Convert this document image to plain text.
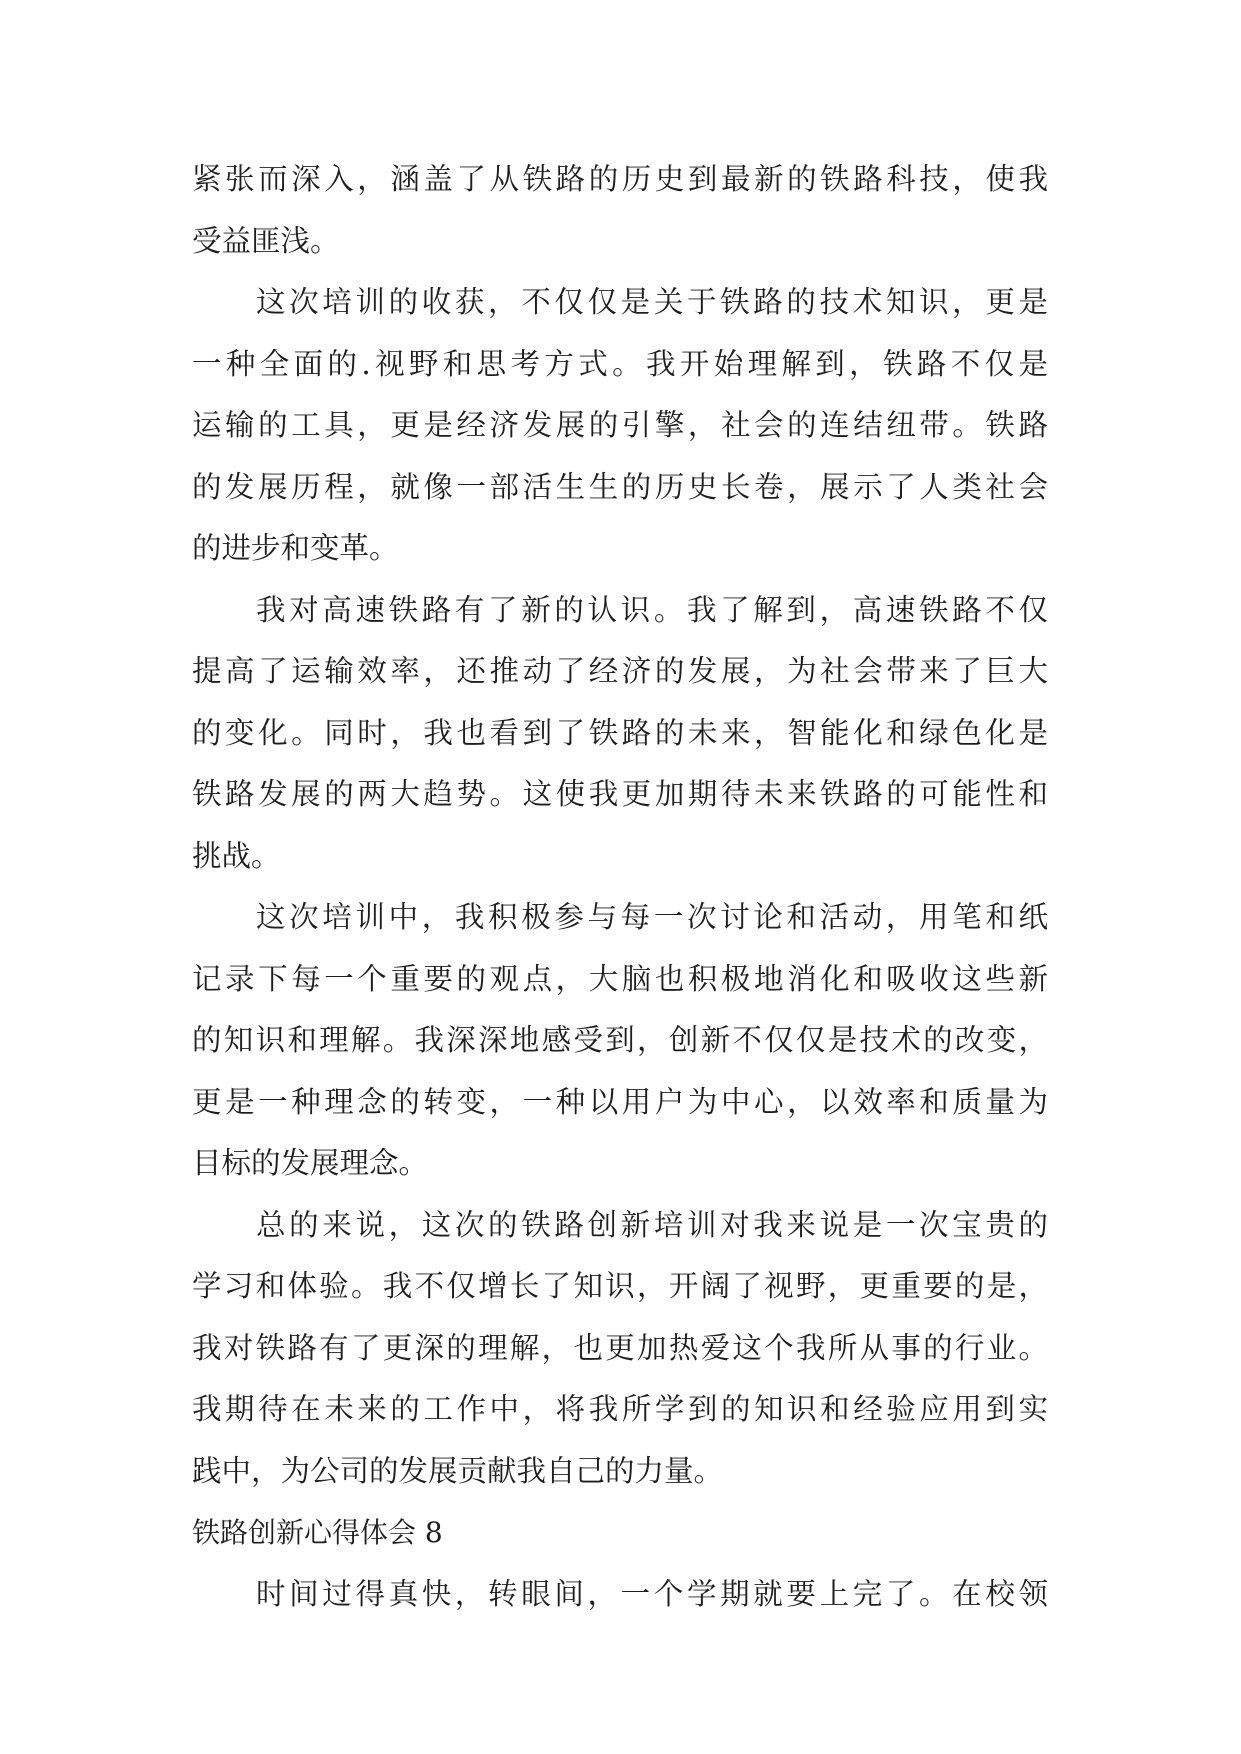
紧张而深入，涵盖了从铁路的历史到最新的铁路科技，使我
受益匪浅。
这次培训的收获，不仅仅是关于铁路的技术知识，更是
一种全面的.视野和思考方式。我开始理解到，铁路不仅是
运输的工具，更是经济发展的引擎，社会的连结纽带。铁路
的发展历程，就像一部活生生的历史长卷，展示了人类社会
的进步和变革。
我对高速铁路有了新的认识。我了解到，高速铁路不仅
提高了运输效率，还推动了经济的发展，为社会带来了巨大
的变化。同时，我也看到了铁路的未来，智能化和绿色化是
铁路发展的两大趋势。这使我更加期待未来铁路的可能性和
挑战。
这次培训中，我积极参与每一次讨论和活动，用笔和纸
记录下每一个重要的观点，大脑也积极地消化和吸收这些新
的知识和理解。我深深地感受到，创新不仅仅是技术的改变，
更是一种理念的转变，一种以用户为中心，以效率和质量为
目标的发展理念。
总的来说，这次的铁路创新培训对我来说是一次宝贵的
学习和体验。我不仅增长了知识，开阔了视野，更重要的是，
我对铁路有了更深的理解，也更加热爱这个我所从事的行业。
我期待在未来的工作中，将我所学到的知识和经验应用到实
践中，为公司的发展贡献我自己的力量。
铁路创新心得体会 8
时间过得真快，转眼间，一个学期就要上完了。在校领
